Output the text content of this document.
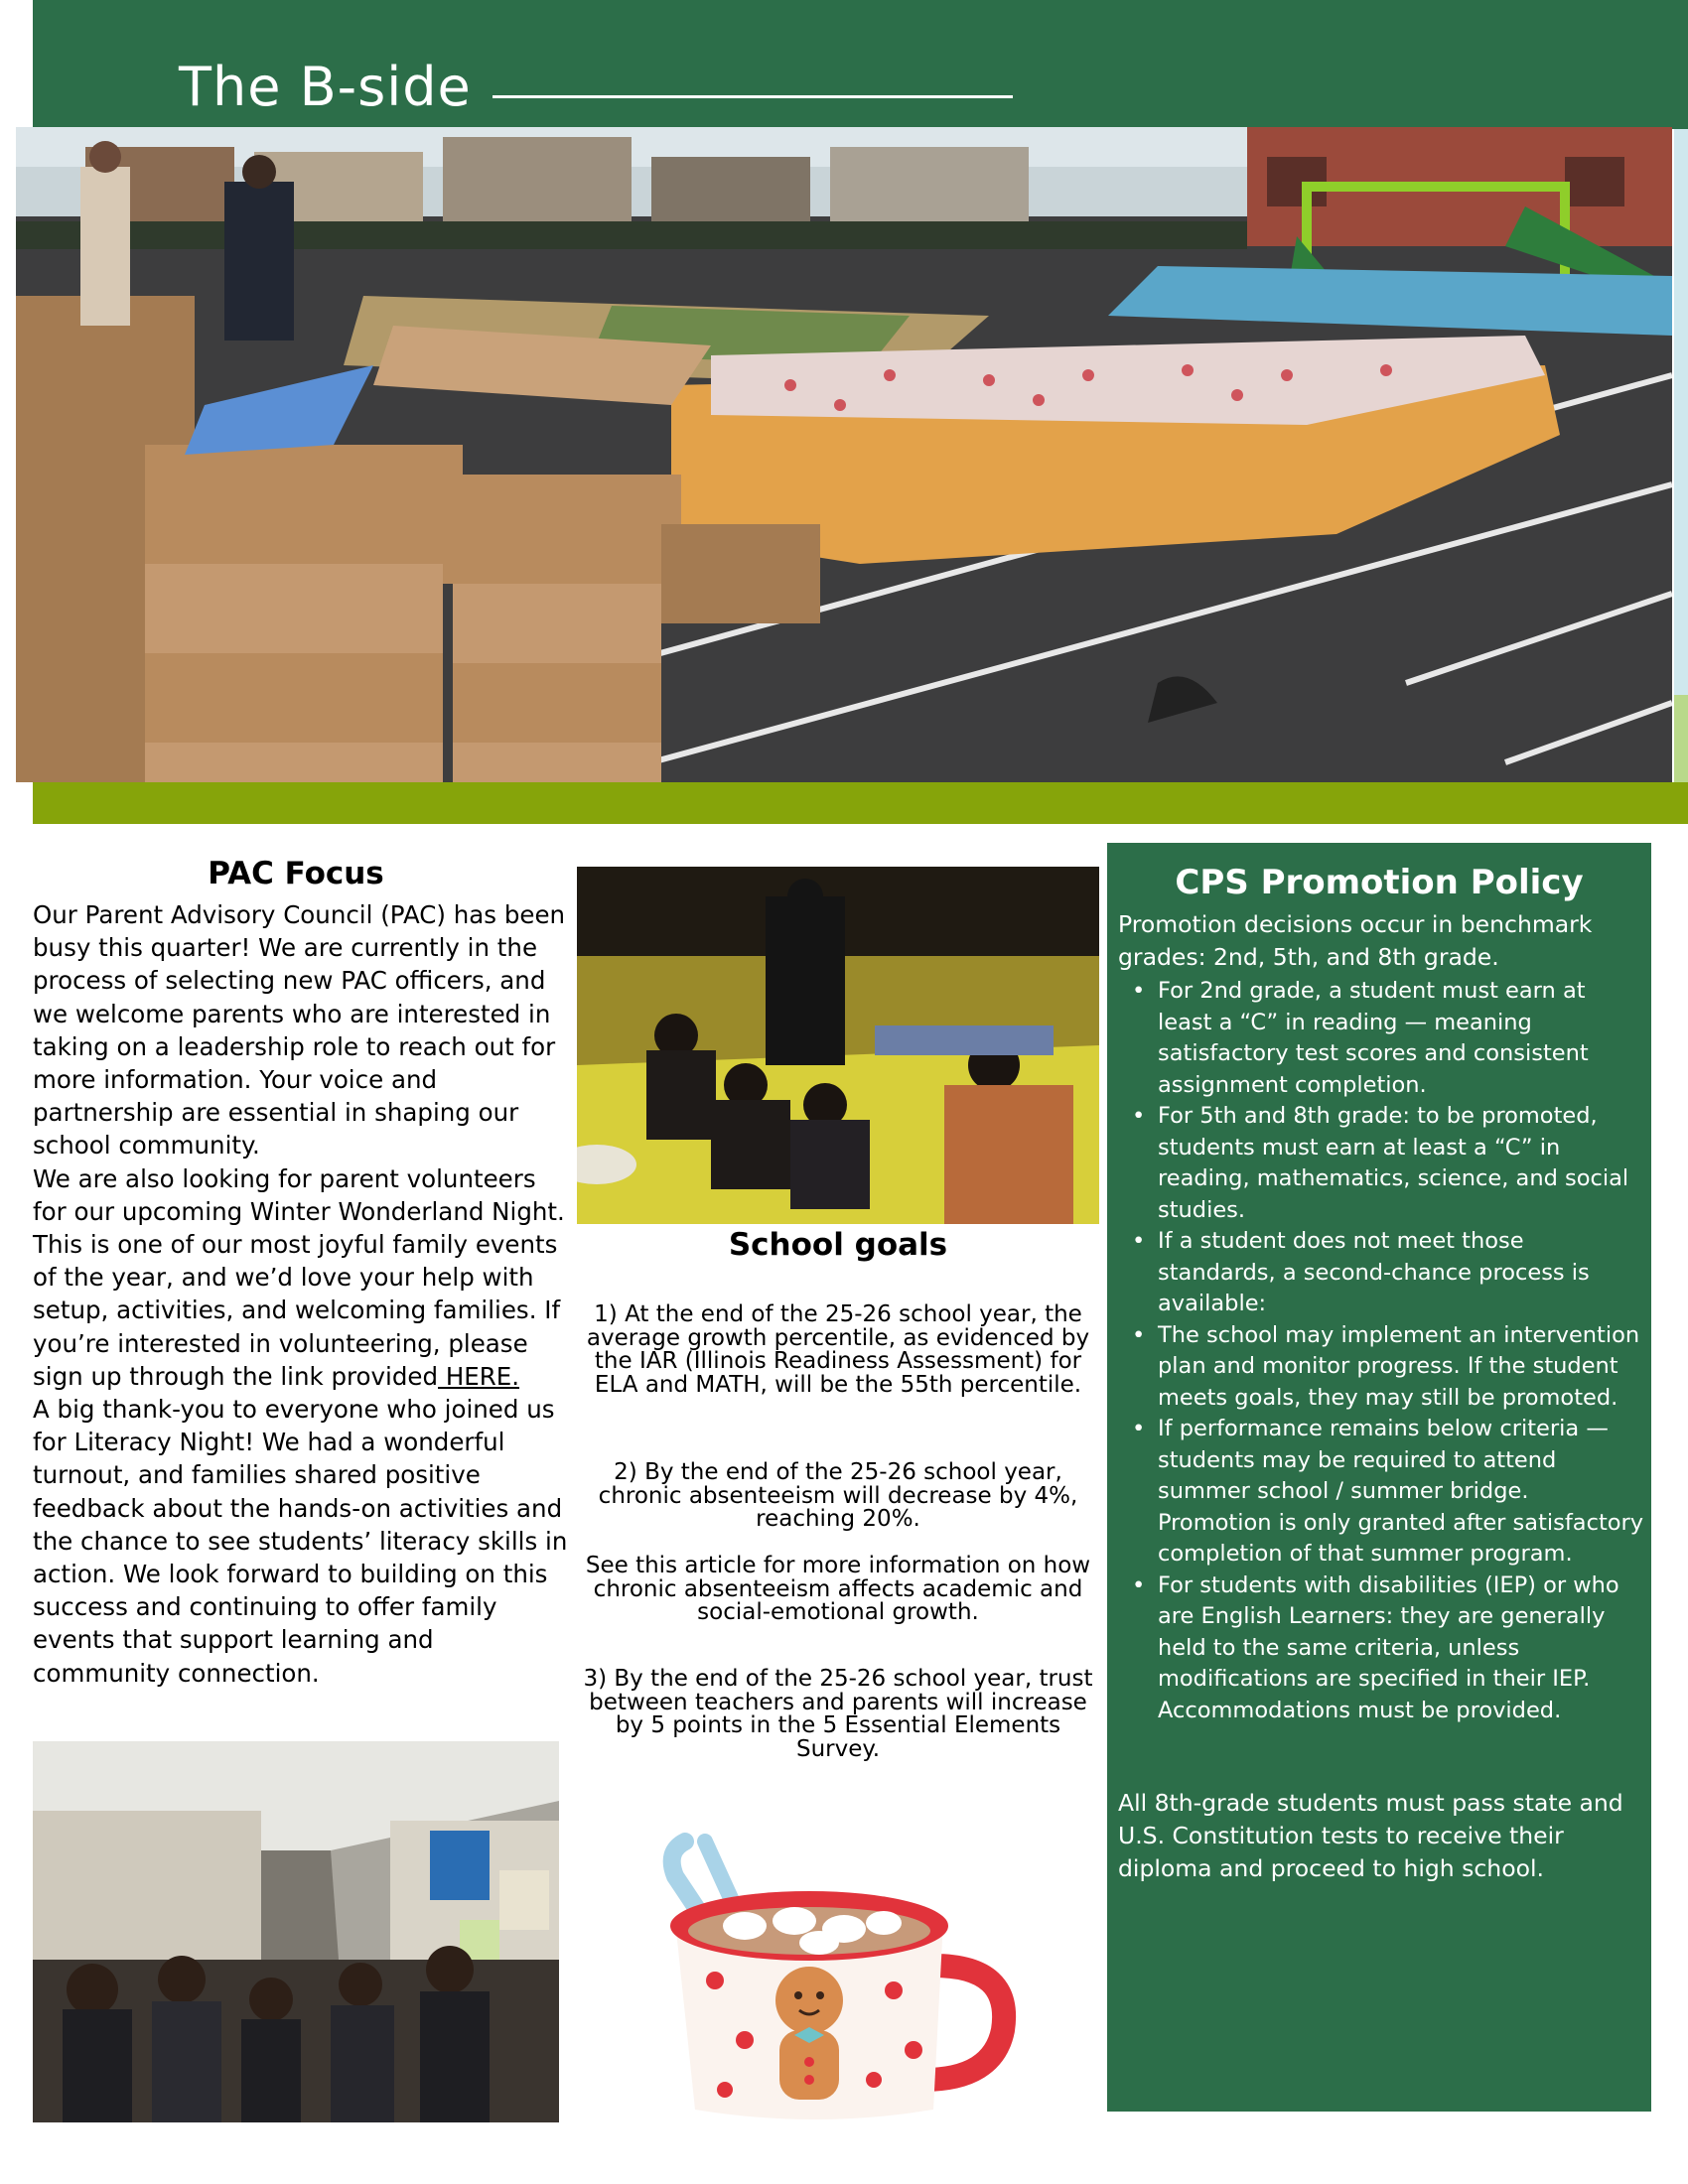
The B-side
PAC Focus

Our Parent Advisory Council (PAC) has been busy this quarter! We are currently in the process of selecting new PAC officers, and we welcome parents who are interested in taking on a leadership role to reach out for more information. Your voice and partnership are essential in shaping our school community.

We are also looking for parent volunteers for our upcoming Winter Wonderland Night. This is one of our most joyful family events of the year, and we’d love your help with setup, activities, and welcoming families. If you’re interested in volunteering, please sign up through the link provided HERE.

A big thank-you to everyone who joined us for Literacy Night! We had a wonderful turnout, and families shared positive feedback about the hands-on activities and the chance to see students’ literacy skills in action. We look forward to building on this success and continuing to offer family events that support learning and community connection.

School goals
1) At the end of the 25-26 school year, the average growth percentile, as evidenced by the IAR (Illinois Readiness Assessment) for ELA and MATH, will be the 55th percentile.
2) By the end of the 25-26 school year, chronic absenteeism will decrease by 4%, reaching 20%.
See this article for more information on how chronic absenteeism affects academic and social-emotional growth.
3) By the end of the 25-26 school year, trust between teachers and parents will increase by 5 points in the 5 Essential Elements Survey.
CPS Promotion Policy
Promotion decisions occur in benchmark grades: 2nd, 5th, and 8th grade.
• For 2nd grade, a student must earn at least a “C” in reading — meaning satisfactory test scores and consistent assignment completion.
• For 5th and 8th grade: to be promoted, students must earn at least a “C” in reading, mathematics, science, and social studies.
• If a student does not meet those standards, a second-chance process is available:
• The school may implement an intervention plan and monitor progress. If the student meets goals, they may still be promoted.
• If performance remains below criteria — students may be required to attend summer school / summer bridge. Promotion is only granted after satisfactory completion of that summer program.
• For students with disabilities (IEP) or who are English Learners: they are generally held to the same criteria, unless modifications are specified in their IEP. Accommodations must be provided.
All 8th-grade students must pass state and U.S. Constitution tests to receive their diploma and proceed to high school.
